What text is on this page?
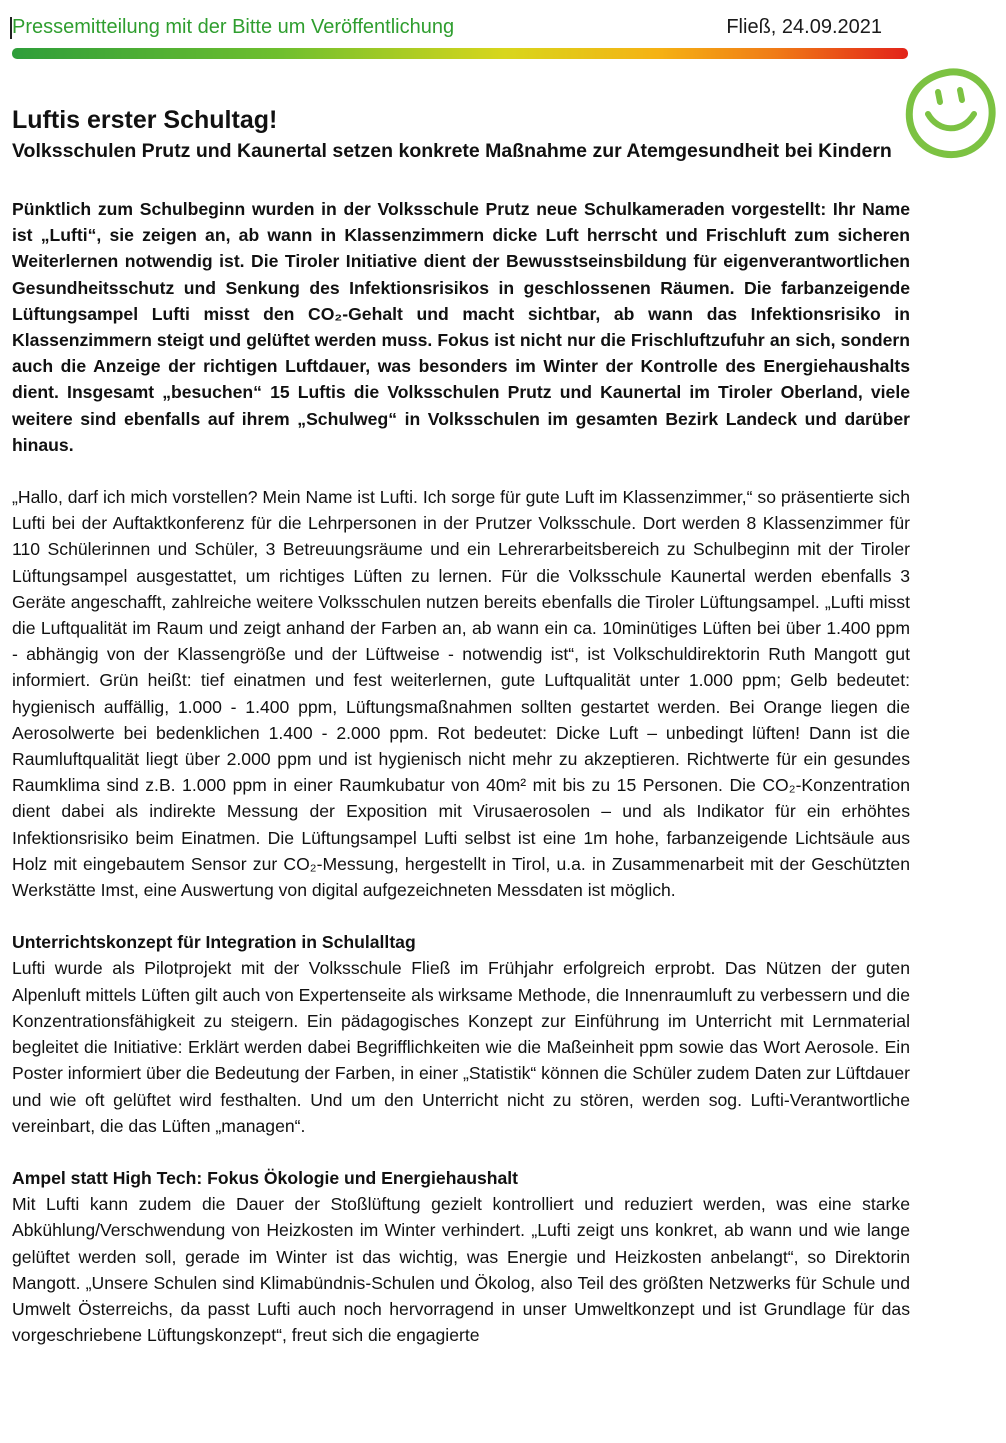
Pressemitteilung mit der Bitte um Veröffentlichung	Fließ, 24.09.2021
Luftis erster Schultag!
Volksschulen Prutz und Kaunertal setzen konkrete Maßnahme zur Atemgesundheit bei Kindern
Pünktlich zum Schulbeginn wurden in der Volksschule Prutz neue Schulkameraden vorgestellt: Ihr Name ist „Lufti“, sie zeigen an, ab wann in Klassenzimmern dicke Luft herrscht und Frischluft zum sicheren Weiterlernen notwendig ist. Die Tiroler Initiative dient der Bewusstseinsbildung für eigenverantwortlichen Gesundheitsschutz und Senkung des Infektionsrisikos in geschlossenen Räumen. Die farbanzeigende Lüftungsampel Lufti misst den CO₂-Gehalt und macht sichtbar, ab wann das Infektionsrisiko in Klassenzimmern steigt und gelüftet werden muss. Fokus ist nicht nur die Frischluftzufuhr an sich, sondern auch die Anzeige der richtigen Luftdauer, was besonders im Winter der Kontrolle des Energiehaushalts dient. Insgesamt „besuchen“ 15 Luftis die Volksschulen Prutz und Kaunertal im Tiroler Oberland, viele weitere sind ebenfalls auf ihrem „Schulweg“ in Volksschulen im gesamten Bezirk Landeck und darüber hinaus.
„Hallo, darf ich mich vorstellen? Mein Name ist Lufti. Ich sorge für gute Luft im Klassenzimmer,“ so präsentierte sich Lufti bei der Auftaktkonferenz für die Lehrpersonen in der Prutzer Volksschule. Dort werden 8 Klassenzimmer für 110 Schülerinnen und Schüler, 3 Betreuungsräume und ein Lehrerarbeitsbereich zu Schulbeginn mit der Tiroler Lüftungsampel ausgestattet, um richtiges Lüften zu lernen. Für die Volksschule Kaunertal werden ebenfalls 3 Geräte angeschafft, zahlreiche weitere Volksschulen nutzen bereits ebenfalls die Tiroler Lüftungsampel. „Lufti misst die Luftqualität im Raum und zeigt anhand der Farben an, ab wann ein ca. 10minütiges Lüften bei über 1.400 ppm - abhängig von der Klassengröße und der Lüftweise - notwendig ist“, ist Volkschuldirektorin Ruth Mangott gut informiert. Grün heißt: tief einatmen und fest weiterlernen, gute Luftqualität unter 1.000 ppm; Gelb bedeutet: hygienisch auffällig, 1.000 - 1.400 ppm, Lüftungsmaßnahmen sollten gestartet werden. Bei Orange liegen die Aerosolwerte bei bedenklichen 1.400 - 2.000 ppm. Rot bedeutet: Dicke Luft – unbedingt lüften! Dann ist die Raumluftqualität liegt über 2.000 ppm und ist hygienisch nicht mehr zu akzeptieren. Richtwerte für ein gesundes Raumklima sind z.B. 1.000 ppm in einer Raumkubatur von 40m² mit bis zu 15 Personen. Die CO₂-Konzentration dient dabei als indirekte Messung der Exposition mit Virusaerosolen – und als Indikator für ein erhöhtes Infektionsrisiko beim Einatmen. Die Lüftungsampel Lufti selbst ist eine 1m hohe, farbanzeigende Lichtsäule aus Holz mit eingebautem Sensor zur CO₂-Messung, hergestellt in Tirol, u.a. in Zusammenarbeit mit der Geschützten Werkstätte Imst, eine Auswertung von digital aufgezeichneten Messdaten ist möglich.
Unterrichtskonzept für Integration in Schulalltag
Lufti wurde als Pilotprojekt mit der Volksschule Fließ im Frühjahr erfolgreich erprobt. Das Nützen der guten Alpenluft mittels Lüften gilt auch von Expertenseite als wirksame Methode, die Innenraumluft zu verbessern und die Konzentrationsfähigkeit zu steigern. Ein pädagogisches Konzept zur Einführung im Unterricht mit Lernmaterial begleitet die Initiative: Erklärt werden dabei Begrifflichkeiten wie die Maßeinheit ppm sowie das Wort Aerosole. Ein Poster informiert über die Bedeutung der Farben, in einer „Statistik“ können die Schüler zudem Daten zur Lüftdauer und wie oft gelüftet wird festhalten. Und um den Unterricht nicht zu stören, werden sog. Lufti-Verantwortliche vereinbart, die das Lüften „managen“.
Ampel statt High Tech: Fokus Ökologie und Energiehaushalt
Mit Lufti kann zudem die Dauer der Stoßlüftung gezielt kontrolliert und reduziert werden, was eine starke Abkühlung/Verschwendung von Heizkosten im Winter verhindert. „Lufti zeigt uns konkret, ab wann und wie lange gelüftet werden soll, gerade im Winter ist das wichtig, was Energie und Heizkosten anbelangt“, so Direktorin Mangott. „Unsere Schulen sind Klimabündnis-Schulen und Ökolog, also Teil des größten Netzwerks für Schule und Umwelt Österreichs, da passt Lufti auch noch hervorragend in unser Umweltkonzept und ist Grundlage für das vorgeschriebene Lüftungskonzept“, freut sich die engagierte
